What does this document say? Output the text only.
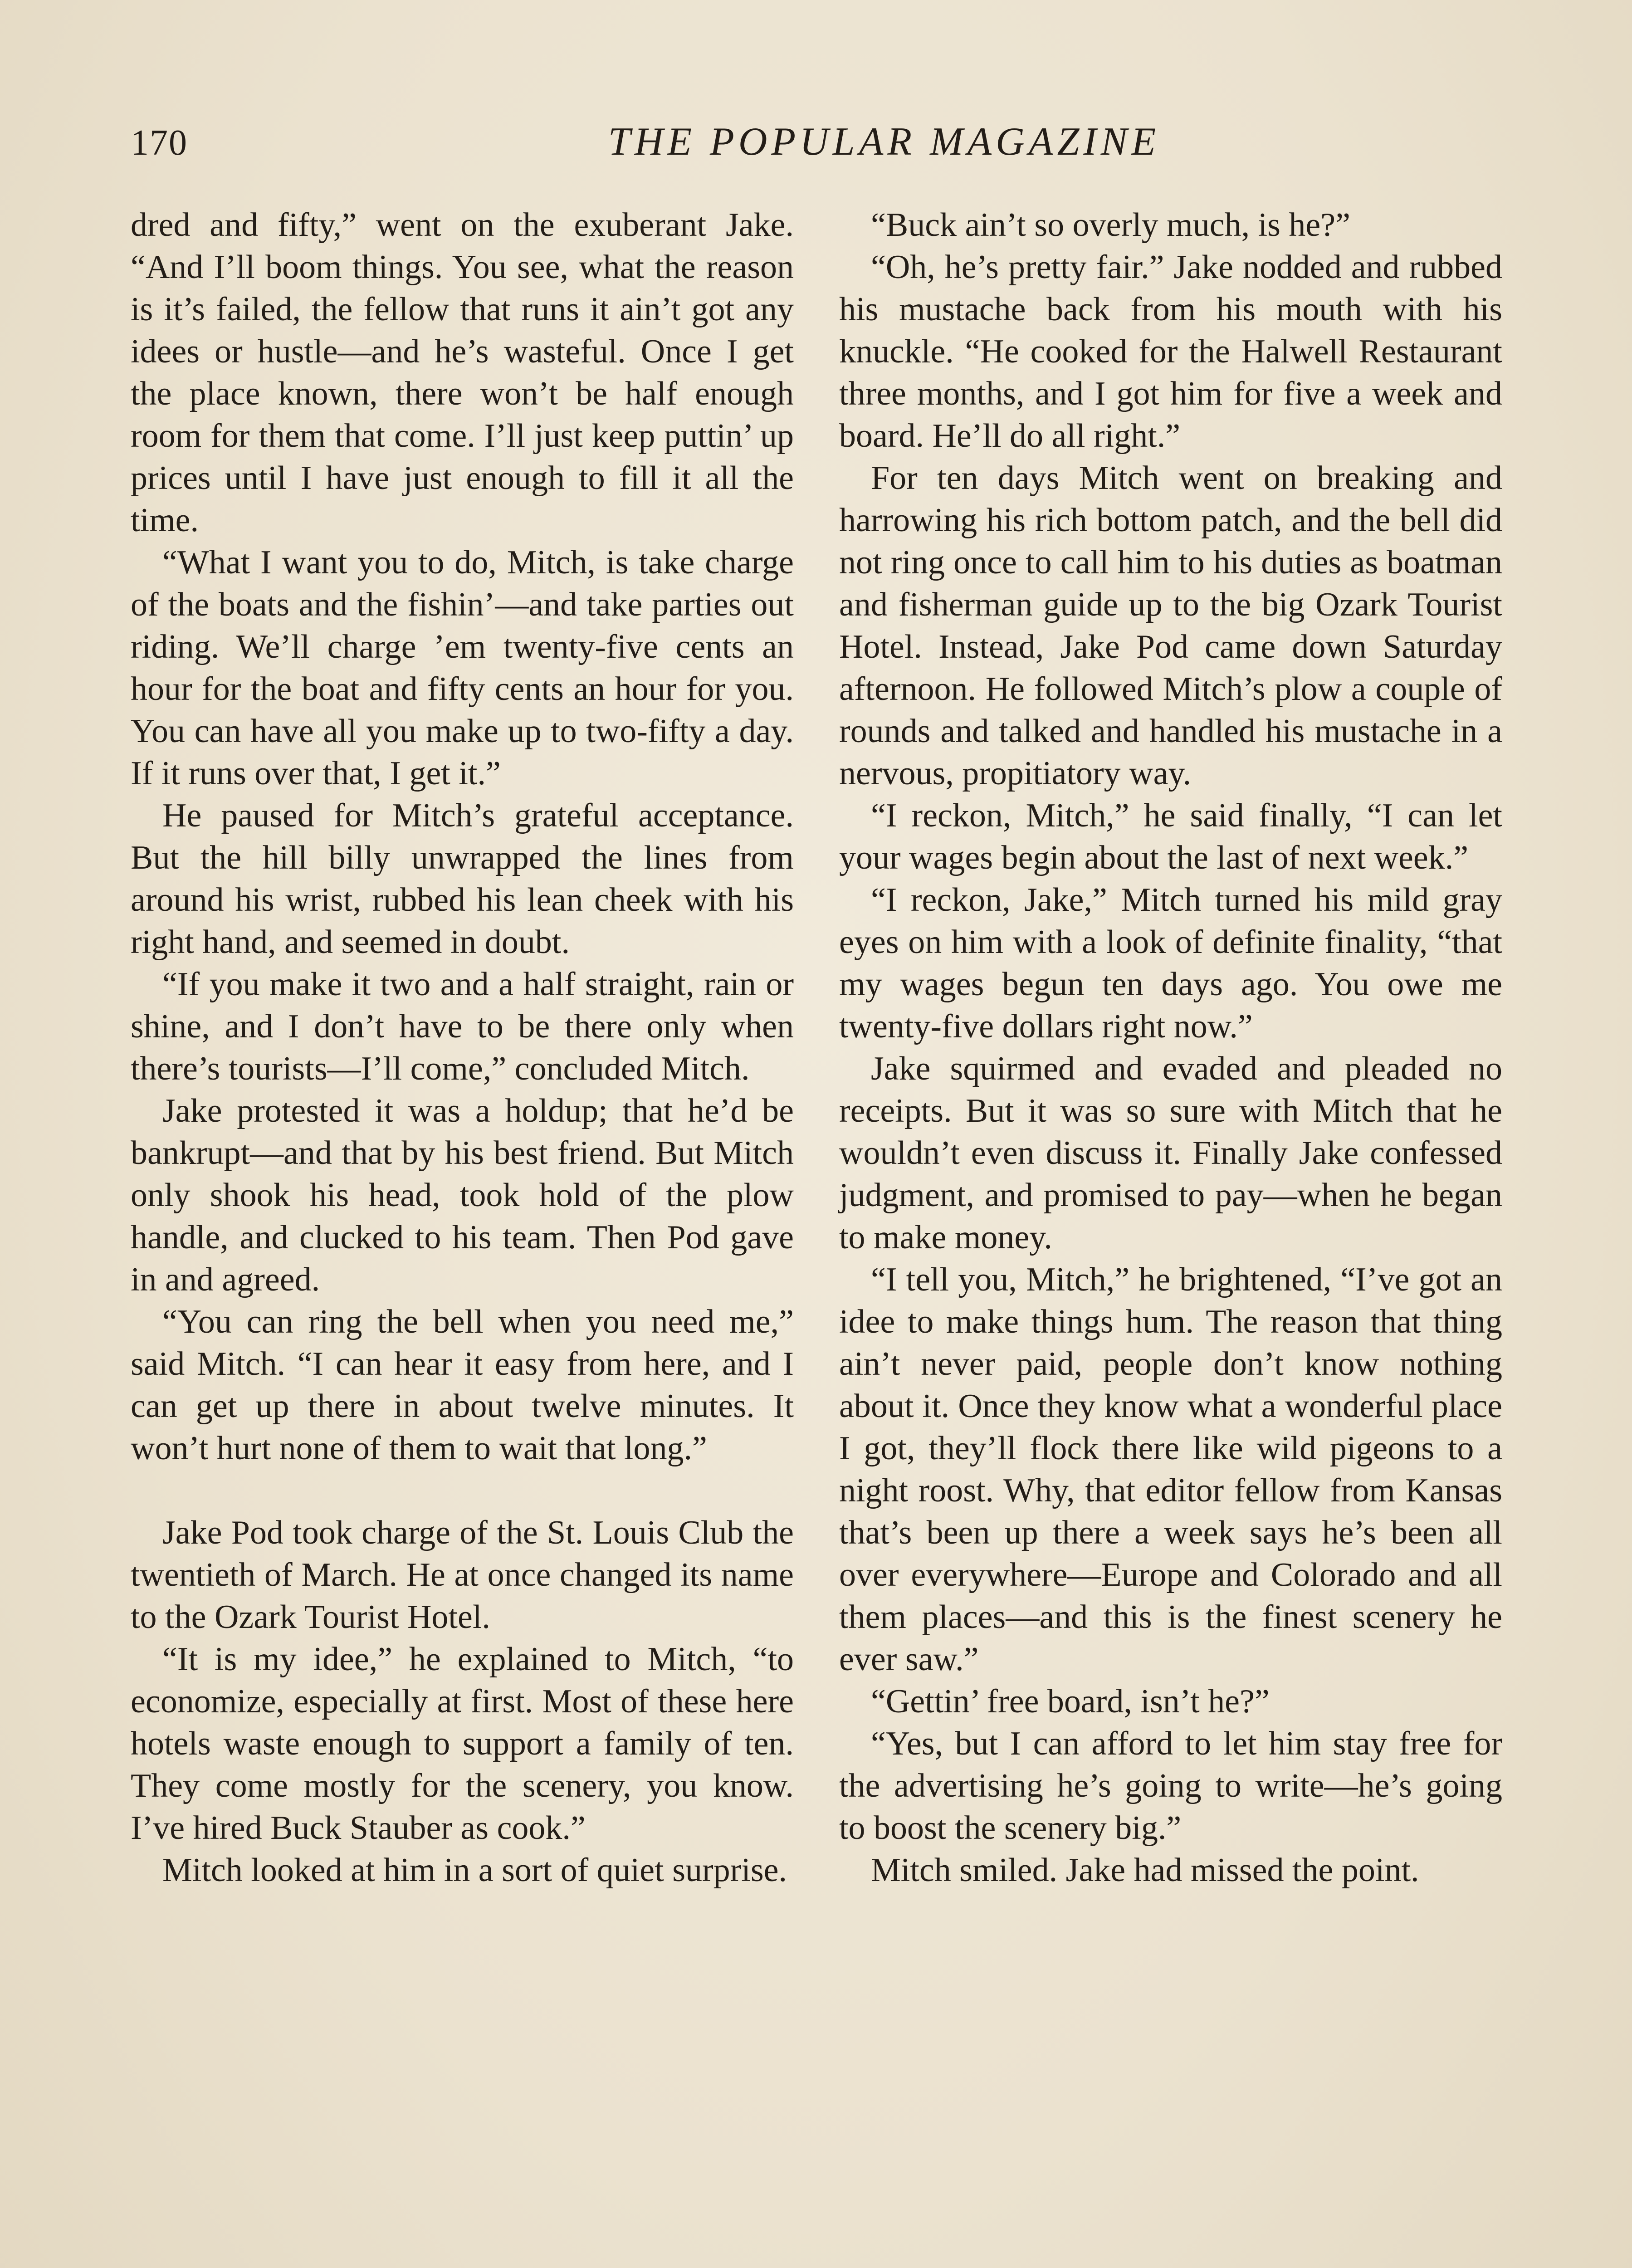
170	THE POPULAR MAGAZINE

dred and fifty,” went on the exuberant Jake. “And I’ll boom things. You see, what the reason is it’s failed, the fellow that runs it ain’t got any idees or hustle—and he’s wasteful. Once I get the place known, there won’t be half enough room for them that come. I’ll just keep puttin’ up prices until I have just enough to fill it all the time.

“What I want you to do, Mitch, is take charge of the boats and the fishin’—and take parties out riding. We’ll charge ’em twenty-five cents an hour for the boat and fifty cents an hour for you. You can have all you make up to two-fifty a day. If it runs over that, I get it.”

He paused for Mitch’s grateful acceptance. But the hill billy unwrapped the lines from around his wrist, rubbed his lean cheek with his right hand, and seemed in doubt.

“If you make it two and a half straight, rain or shine, and I don’t have to be there only when there’s tourists—I’ll come,” concluded Mitch.

Jake protested it was a holdup; that he’d be bankrupt—and that by his best friend. But Mitch only shook his head, took hold of the plow handle, and clucked to his team. Then Pod gave in and agreed.

“You can ring the bell when you need me,” said Mitch. “I can hear it easy from here, and I can get up there in about twelve minutes. It won’t hurt none of them to wait that long.”

Jake Pod took charge of the St. Louis Club the twentieth of March. He at once changed its name to the Ozark Tourist Hotel.

“It is my idee,” he explained to Mitch, “to economize, especially at first. Most of these here hotels waste enough to support a family of ten. They come mostly for the scenery, you know. I’ve hired Buck Stauber as cook.”

Mitch looked at him in a sort of quiet surprise.

“Buck ain’t so overly much, is he?”

“Oh, he’s pretty fair.” Jake nodded and rubbed his mustache back from his mouth with his knuckle. “He cooked for the Halwell Restaurant three months, and I got him for five a week and board. He’ll do all right.”

For ten days Mitch went on breaking and harrowing his rich bottom patch, and the bell did not ring once to call him to his duties as boatman and fisherman guide up to the big Ozark Tourist Hotel. Instead, Jake Pod came down Saturday afternoon. He followed Mitch’s plow a couple of rounds and talked and handled his mustache in a nervous, propitiatory way.

“I reckon, Mitch,” he said finally, “I can let your wages begin about the last of next week.”

“I reckon, Jake,” Mitch turned his mild gray eyes on him with a look of definite finality, “that my wages begun ten days ago. You owe me twenty-five dollars right now.”

Jake squirmed and evaded and pleaded no receipts. But it was so sure with Mitch that he wouldn’t even discuss it. Finally Jake confessed judgment, and promised to pay—when he began to make money.

“I tell you, Mitch,” he brightened, “I’ve got an idee to make things hum. The reason that thing ain’t never paid, people don’t know nothing about it. Once they know what a wonderful place I got, they’ll flock there like wild pigeons to a night roost. Why, that editor fellow from Kansas that’s been up there a week says he’s been all over everywhere—Europe and Colorado and all them places—and this is the finest scenery he ever saw.”

“Gettin’ free board, isn’t he?”

“Yes, but I can afford to let him stay free for the advertising he’s going to write—he’s going to boost the scenery big.”

Mitch smiled. Jake had missed the point.
